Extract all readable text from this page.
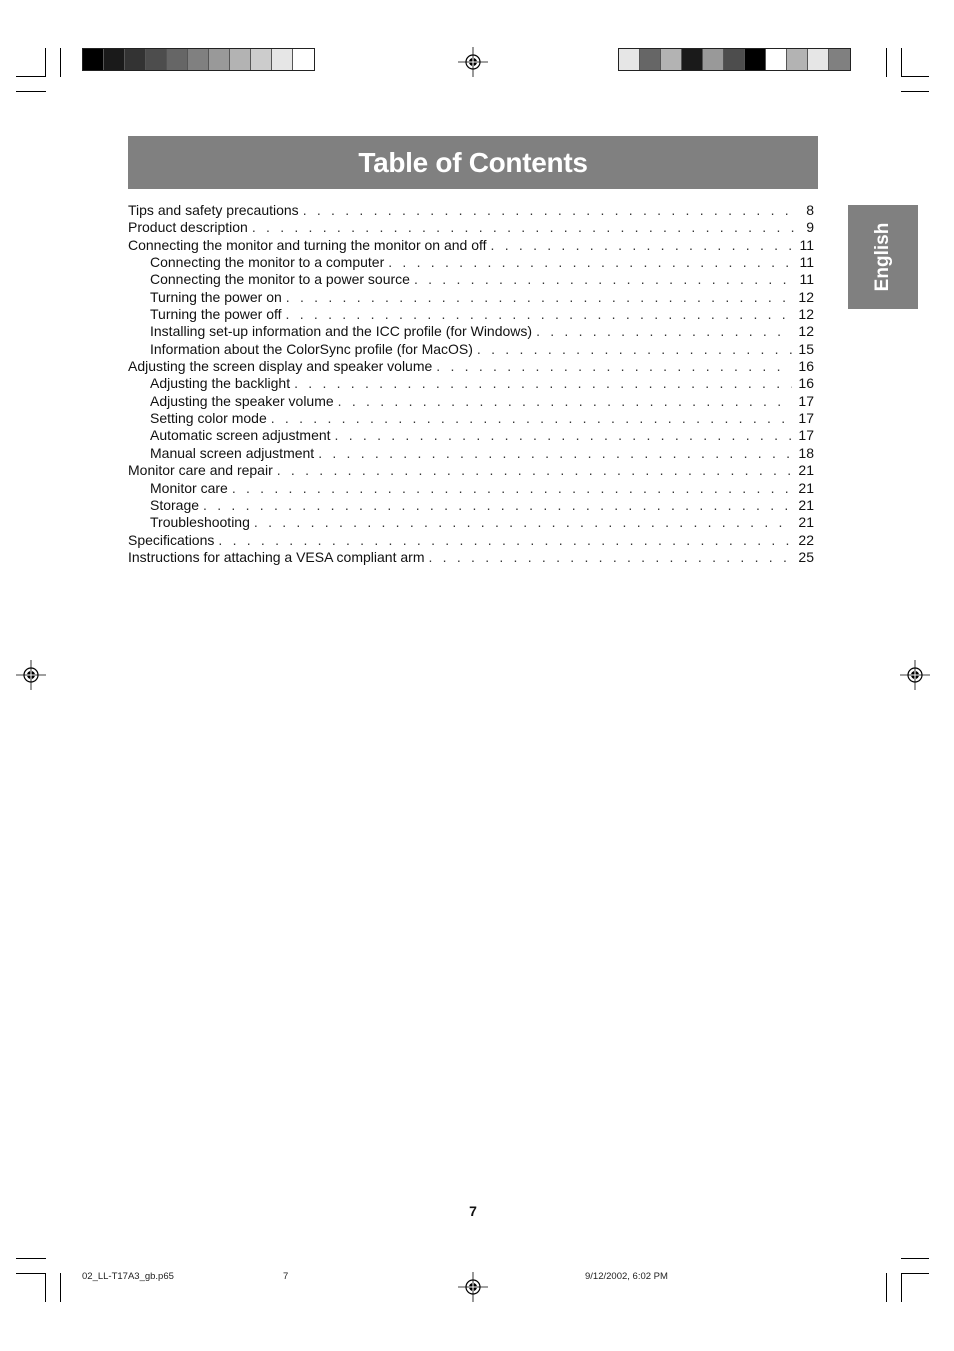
Table of Contents
English
Tips and safety precautions . . .	8
Product description . . .	9
Connecting the monitor and turning the monitor on and off . . .	11
Connecting the monitor to a computer . . .	11
Connecting the monitor to a power source . . .	11
Turning the power on . . .	12
Turning the power off . . .	12
Installing set-up information and the ICC profile (for Windows) . . .	12
Information about the ColorSync profile (for MacOS) . . .	15
Adjusting the screen display and speaker volume . . .	16
Adjusting the backlight . . .	16
Adjusting the speaker volume . . .	17
Setting color mode . . .	17
Automatic screen adjustment . . .	17
Manual screen adjustment . . .	18
Monitor care and repair . . .	21
Monitor care . . .	21
Storage . . .	21
Troubleshooting . . .	21
Specifications . . .	22
Instructions for attaching a VESA compliant arm . . .	25
7
02_LL-T17A3_gb.p65	7	9/12/2002, 6:02 PM
